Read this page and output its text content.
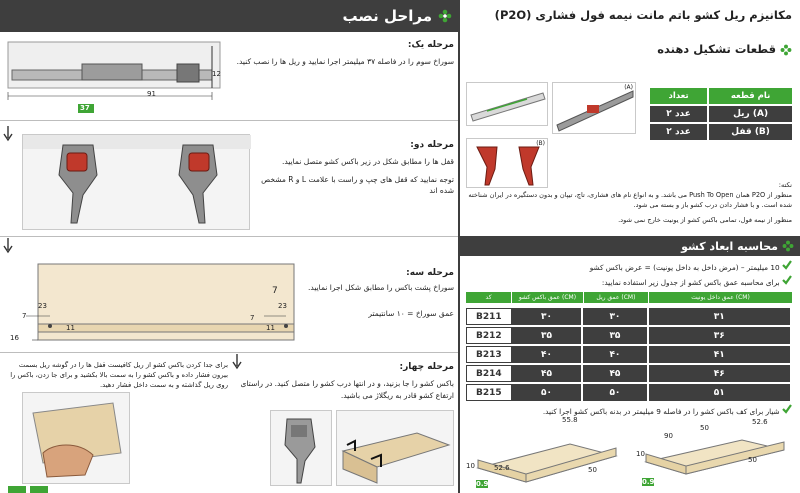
مراحل نصب
91
12
37
مرحله یک:
سوراخ سوم را در فاصله ۳۷ میلیمتر اجرا نمایید و ریل ها را نصب کنید.
مرحله دو:
قفل ها را مطابق شکل در زیر باکس کشو متصل نمایید.
توجه نمایید که قفل های چپ و راست با علامت L و R مشخص شده اند
23
7
11
16
7
23
11
7
مرحله سه:
سوراخ پشت باکس را مطابق شکل اجرا نمایید.
عمق سوراخ = ۱۰ سانتیمتر
برای جدا کردن باکس کشو از ریل کافیست قفل ها را در گوشه ریل بسمت بیرون فشار داده و باکس کشو را به سمت بالا بکشید و برای جا زدن، باکس را روی ریل گذاشته و به سمت داخل فشار دهید.
مرحله چهار:
باکس کشو را جا بزنید، و در انتها درب کشو را متصل کنید. در راستای ارتفاع کشو قادر به ریگلاژ می باشید.
مکانیزم ریل کشو باتم مانت نیمه فول فشاری (P2O)
قطعات تشکیل دهنده
(A)
(B)
تعداد	نام قطعه
۲ عدد	ریل (A)
۲ عدد	قفل (B)
نکته:
منظور از P2O همان Push To Open می باشد. و به انواع نام های فشاری، تاچ، تیپان و بدون دستگیره در ایران شناخته شده است. و با فشار دادن درب کشو باز و بسته می شود.
منظور از نیمه فول، تمامی باکس کشو از یونیت خارج نمی شود.
محاسبه ابعاد کشو
10 میلیمتر – (مرض داخل به داخل یونیت) = عرض باکس کشو
برای محاسبه عمق باکس کشو از جدول زیر استفاده نمایید:
کد	عمق باکس کشو (CM)	عمق ریل (CM)	عمق داخل یونیت (CM)
B211	۳۰	۳۰	۳۱
B212	۳۵	۳۵	۳۶
B213	۴۰	۴۰	۴۱
B214	۴۵	۴۵	۴۶
B215	۵۰	۵۰	۵۱
شیار برای کف باکس کشو را در فاصله 9 میلیمتر در بدنه باکس کشو اجرا کنید.
55.8
50
52.6
10
0.9
90
50
52.6
50
10
0.9
